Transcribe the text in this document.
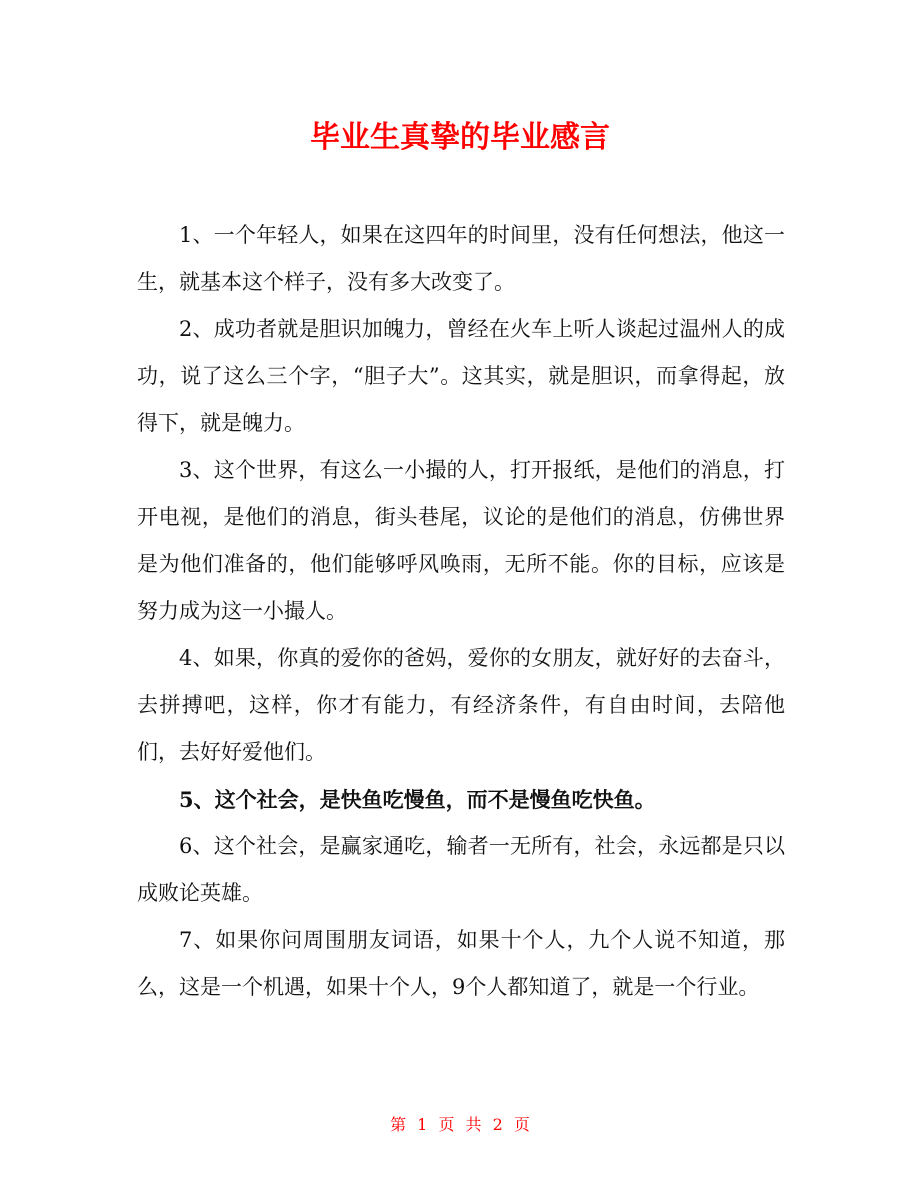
毕业生真挚的毕业感言

1、一个年轻人，如果在这四年的时间里，没有任何想法，他这一生，就基本这个样子，没有多大改变了。

2、成功者就是胆识加魄力，曾经在火车上听人谈起过温州人的成功，说了这么三个字，“胆子大”。这其实，就是胆识，而拿得起，放得下，就是魄力。

3、这个世界，有这么一小撮的人，打开报纸，是他们的消息，打开电视，是他们的消息，街头巷尾，议论的是他们的消息，仿佛世界是为他们准备的，他们能够呼风唤雨，无所不能。你的目标，应该是努力成为这一小撮人。

4、如果，你真的爱你的爸妈，爱你的女朋友，就好好的去奋斗，去拼搏吧，这样，你才有能力，有经济条件，有自由时间，去陪他们，去好好爱他们。

5、这个社会，是快鱼吃慢鱼，而不是慢鱼吃快鱼。

6、这个社会，是赢家通吃，输者一无所有，社会，永远都是只以成败论英雄。

7、如果你问周围朋友词语，如果十个人，九个人说不知道，那么，这是一个机遇，如果十个人，9个人都知道了，就是一个行业。

第 1 页 共 2 页
